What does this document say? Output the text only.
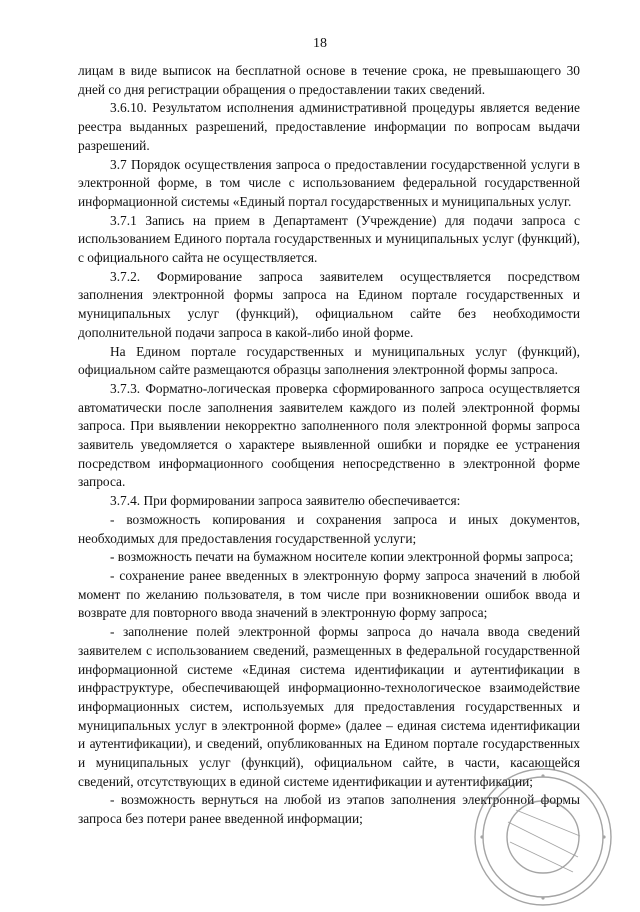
18

лицам в виде выписок на бесплатной основе в течение срока, не превышающего 30 дней со дня регистрации обращения о предоставлении таких сведений.

3.6.10. Результатом исполнения административной процедуры является ведение реестра выданных разрешений, предоставление информации по вопросам выдачи разрешений.

3.7 Порядок осуществления запроса о предоставлении государственной услуги в электронной форме, в том числе с использованием федеральной государственной информационной системы «Единый портал государственных и муниципальных услуг.

3.7.1 Запись на прием в Департамент (Учреждение) для подачи запроса с использованием Единого портала государственных и муниципальных услуг (функций), с официального сайта не осуществляется.

3.7.2. Формирование запроса заявителем осуществляется посредством заполнения электронной формы запроса на Едином портале государственных и муниципальных услуг (функций), официальном сайте без необходимости дополнительной подачи запроса в какой-либо иной форме.

На Едином портале государственных и муниципальных услуг (функций), официальном сайте размещаются образцы заполнения электронной формы запроса.

3.7.3. Форматно-логическая проверка сформированного запроса осуществляется автоматически после заполнения заявителем каждого из полей электронной формы запроса. При выявлении некорректно заполненного поля электронной формы запроса заявитель уведомляется о характере выявленной ошибки и порядке ее устранения посредством информационного сообщения непосредственно в электронной форме запроса.

3.7.4. При формировании запроса заявителю обеспечивается:

- возможность копирования и сохранения запроса и иных документов, необходимых для предоставления государственной услуги;

- возможность печати на бумажном носителе копии электронной формы запроса;

- сохранение ранее введенных в электронную форму запроса значений в любой момент по желанию пользователя, в том числе при возникновении ошибок ввода и возврате для повторного ввода значений в электронную форму запроса;

- заполнение полей электронной формы запроса до начала ввода сведений заявителем с использованием сведений, размещенных в федеральной государственной информационной системе «Единая система идентификации и аутентификации в инфраструктуре, обеспечивающей информационно-технологическое взаимодействие информационных систем, используемых для предоставления государственных и муниципальных услуг в электронной форме» (далее – единая система идентификации и аутентификации), и сведений, опубликованных на Едином портале государственных и муниципальных услуг (функций), официальном сайте, в части, касающейся сведений, отсутствующих в единой системе идентификации и аутентификации;

- возможность вернуться на любой из этапов заполнения электронной формы запроса без потери ранее введенной информации;
